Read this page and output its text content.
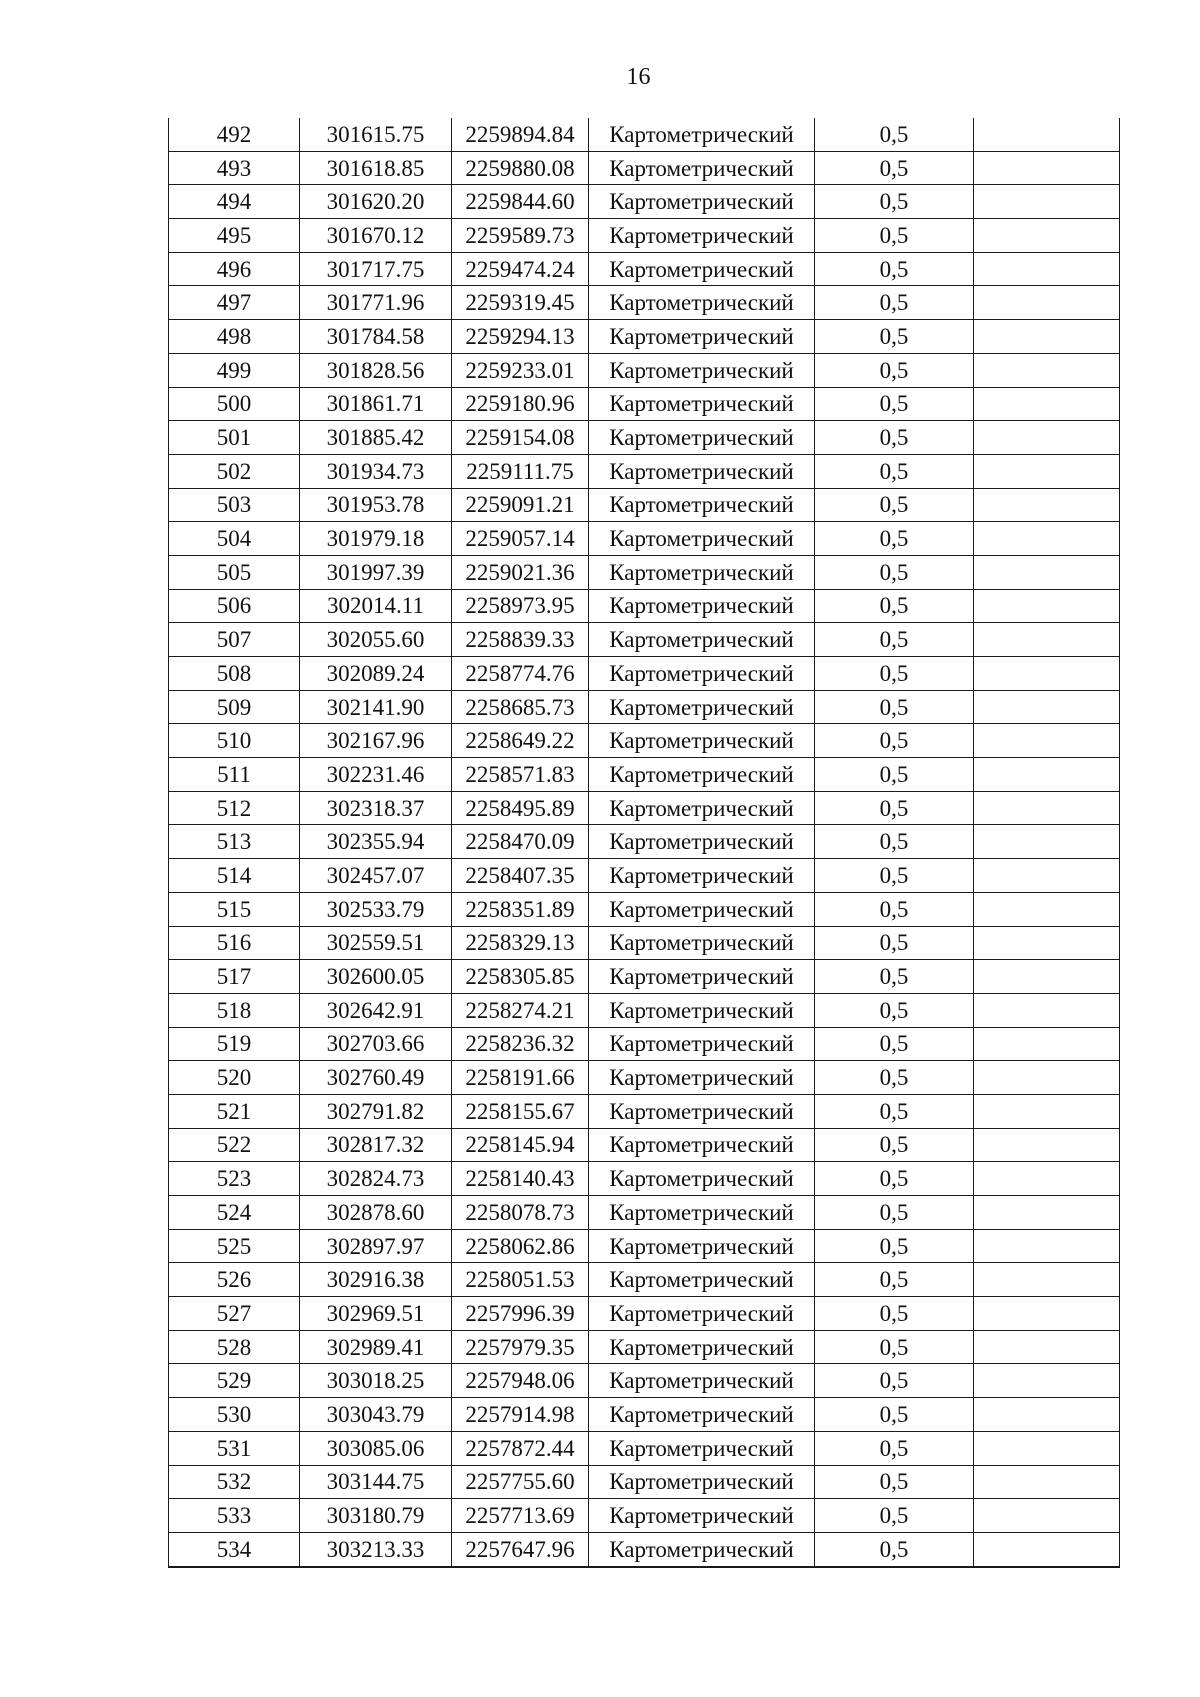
16
492	301615.75	2259894.84	Картометрический	0,5	
493	301618.85	2259880.08	Картометрический	0,5	
494	301620.20	2259844.60	Картометрический	0,5	
495	301670.12	2259589.73	Картометрический	0,5	
496	301717.75	2259474.24	Картометрический	0,5	
497	301771.96	2259319.45	Картометрический	0,5	
498	301784.58	2259294.13	Картометрический	0,5	
499	301828.56	2259233.01	Картометрический	0,5	
500	301861.71	2259180.96	Картометрический	0,5	
501	301885.42	2259154.08	Картометрический	0,5	
502	301934.73	2259111.75	Картометрический	0,5	
503	301953.78	2259091.21	Картометрический	0,5	
504	301979.18	2259057.14	Картометрический	0,5	
505	301997.39	2259021.36	Картометрический	0,5	
506	302014.11	2258973.95	Картометрический	0,5	
507	302055.60	2258839.33	Картометрический	0,5	
508	302089.24	2258774.76	Картометрический	0,5	
509	302141.90	2258685.73	Картометрический	0,5	
510	302167.96	2258649.22	Картометрический	0,5	
511	302231.46	2258571.83	Картометрический	0,5	
512	302318.37	2258495.89	Картометрический	0,5	
513	302355.94	2258470.09	Картометрический	0,5	
514	302457.07	2258407.35	Картометрический	0,5	
515	302533.79	2258351.89	Картометрический	0,5	
516	302559.51	2258329.13	Картометрический	0,5	
517	302600.05	2258305.85	Картометрический	0,5	
518	302642.91	2258274.21	Картометрический	0,5	
519	302703.66	2258236.32	Картометрический	0,5	
520	302760.49	2258191.66	Картометрический	0,5	
521	302791.82	2258155.67	Картометрический	0,5	
522	302817.32	2258145.94	Картометрический	0,5	
523	302824.73	2258140.43	Картометрический	0,5	
524	302878.60	2258078.73	Картометрический	0,5	
525	302897.97	2258062.86	Картометрический	0,5	
526	302916.38	2258051.53	Картометрический	0,5	
527	302969.51	2257996.39	Картометрический	0,5	
528	302989.41	2257979.35	Картометрический	0,5	
529	303018.25	2257948.06	Картометрический	0,5	
530	303043.79	2257914.98	Картометрический	0,5	
531	303085.06	2257872.44	Картометрический	0,5	
532	303144.75	2257755.60	Картометрический	0,5	
533	303180.79	2257713.69	Картометрический	0,5	
534	303213.33	2257647.96	Картометрический	0,5	
